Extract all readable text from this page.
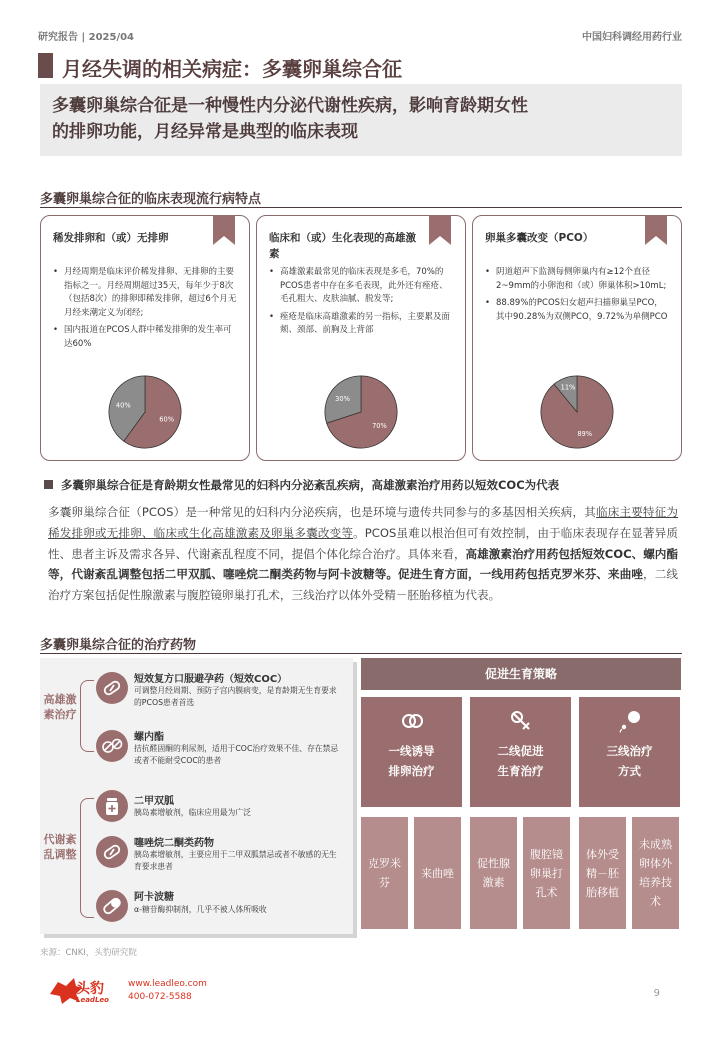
研究报告 | 2025/04	中国妇科调经用药行业
月经失调的相关病症：多囊卵巢综合征
多囊卵巢综合征是一种慢性内分泌代谢性疾病，影响育龄期女性
的排卵功能，月经异常是典型的临床表现
多囊卵巢综合征的临床表现流行病特点
稀发排卵和（或）无排卵
• 月经周期是临床评价稀发排卵、无排卵的主要指标之一。月经周期超过35天，每年少于8次（包括8次）的排卵即稀发排卵，超过6个月无月经来潮定义为闭经;
• 国内报道在PCOS人群中稀发排卵的发生率可达60%
60%
40%
临床和（或）生化表现的高雄激素
• 高雄激素最常见的临床表现是多毛，70%的PCOS患者中存在多毛表现，此外还有痤疮、毛孔粗大、皮肤油腻、脱发等;
• 痤疮是临床高雄激素的另一指标，主要累及面颊、颈部、前胸及上背部
70%
30%
卵巢多囊改变（PCO）
• 阴道超声下监测每侧卵巢内有≥12个直径2~9mm的小卵泡和（或）卵巢体积>10mL;
• 88.89%的PCOS妇女超声扫描卵巢呈PCO，其中90.28%为双侧PCO，9.72%为单侧PCO
89%
11%
多囊卵巢综合征是育龄期女性最常见的妇科内分泌紊乱疾病，高雄激素治疗用药以短效COC为代表
多囊卵巢综合征（PCOS）是一种常见的妇科内分泌疾病，也是环境与遗传共同参与的多基因相关疾病，其临床主要特征为稀发排卵或无排卵、临床或生化高雄激素及卵巢多囊改变等。PCOS虽难以根治但可有效控制，由于临床表现存在显著异质性、患者主诉及需求各异、代谢紊乱程度不同，提倡个体化综合治疗。具体来看，高雄激素治疗用药包括短效COC、螺内酯等，代谢紊乱调整包括二甲双胍、噻唑烷二酮类药物与阿卡波糖等。促进生育方面，一线用药包括克罗米芬、来曲唑，二线治疗方案包括促性腺激素与腹腔镜卵巢打孔术，三线治疗以体外受精－胚胎移植为代表。
多囊卵巢综合征的治疗药物
高雄激素治疗
代谢紊乱调整
短效复方口服避孕药（短效COC）
可调整月经周期、预防子宫内膜病变，是育龄期无生育要求的PCOS患者首选
螺内酯
拮抗醛固酮的利尿剂，适用于COC治疗效果不佳、存在禁忌或者不能耐受COC的患者
二甲双胍
胰岛素增敏剂，临床应用最为广泛
噻唑烷二酮类药物
胰岛素增敏剂，主要应用于二甲双胍禁忌或者不敏感的无生育要求患者
阿卡波糖
α-糖苷酶抑制剂，几乎不被人体所吸收
促进生育策略
一线诱导
排卵治疗
二线促进
生育治疗
三线治疗
方式
克罗米芬
来曲唑
促性腺激素
腹腔镜卵巢打孔术
体外受精－胚胎移植
未成熟卵体外培养技术
来源：CNKI，头豹研究院
头豹
LeadLeo
www.leadleo.com
400-072-5588	9
